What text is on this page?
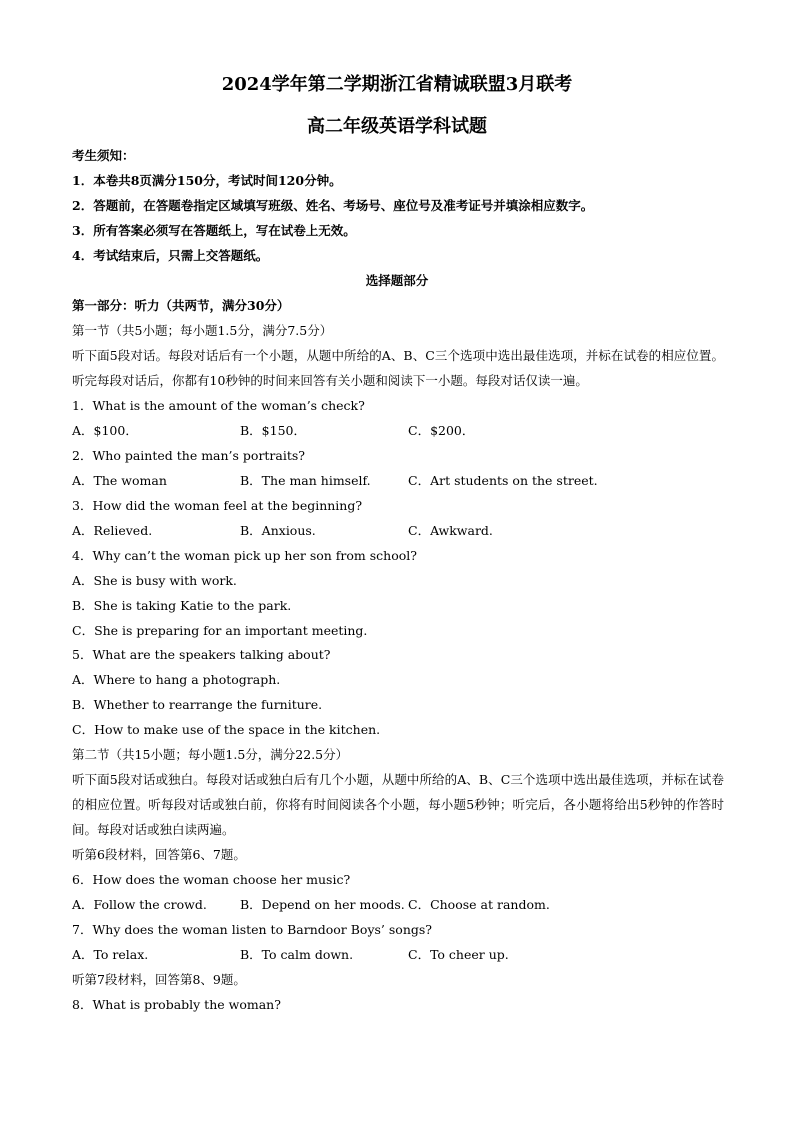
2024学年第二学期浙江省精诚联盟3月联考
高二年级英语学科试题
考生须知：
1．本卷共8页满分150分，考试时间120分钟。
2．答题前，在答题卷指定区域填写班级、姓名、考场号、座位号及准考证号并填涂相应数字。
3．所有答案必须写在答题纸上，写在试卷上无效。
4．考试结束后，只需上交答题纸。
选择题部分
第一部分：听力（共两节，满分30分）
第一节（共5小题；每小题1.5分，满分7.5分）
听下面5段对话。每段对话后有一个小题，从题中所给的A、B、C三个选项中选出最佳选项，并标在试卷的相应位置。听完每段对话后，你都有10秒钟的时间来回答有关小题和阅读下一小题。每段对话仅读一遍。
1．What is the amount of the woman’s check?
A．$100．	B．$150．	C．$200．
2．Who painted the man’s portraits?
A．The woman	B．The man himself.	C．Art students on the street.
3．How did the woman feel at the beginning?
A．Relieved.	B．Anxious.	C．Awkward.
4．Why can’t the woman pick up her son from school?
A．She is busy with work.
B．She is taking Katie to the park.
C．She is preparing for an important meeting.
5．What are the speakers talking about?
A．Where to hang a photograph.
B．Whether to rearrange the furniture.
C．How to make use of the space in the kitchen.
第二节（共15小题；每小题1.5分，满分22.5分）
听下面5段对话或独白。每段对话或独白后有几个小题，从题中所给的A、B、C三个选项中选出最佳选项，并标在试卷的相应位置。听每段对话或独白前，你将有时间阅读各个小题，每小题5秒钟；听完后，各小题将给出5秒钟的作答时间。每段对话或独白读两遍。
听第6段材料，回答第6、7题。
6．How does the woman choose her music?
A．Follow the crowd.	B．Depend on her moods. C．Choose at random.
7．Why does the woman listen to Barndoor Boys’ songs?
A．To relax.	B．To calm down.	C．To cheer up.
听第7段材料，回答第8、9题。
8．What is probably the woman?
